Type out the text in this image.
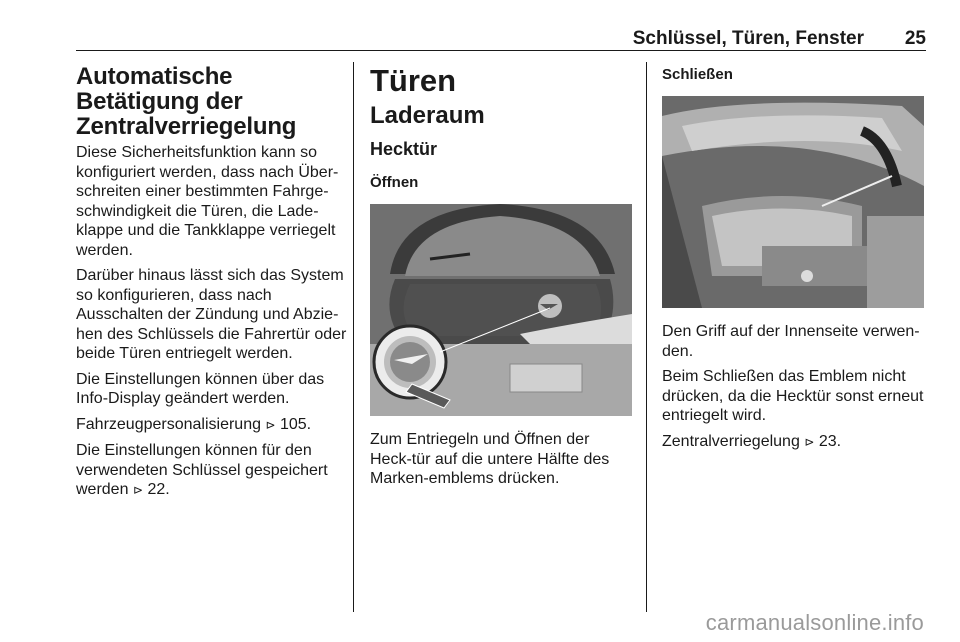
Schlüssel, Türen, Fenster 25
Automatische Betätigung der Zentralverriegelung

Diese Sicherheitsfunktion kann so konfiguriert werden, dass nach Über-schreiten einer bestimmten Fahrge-schwindigkeit die Türen, die Lade-klappe und die Tankklappe verriegelt werden.

Darüber hinaus lässt sich das System so konfigurieren, dass nach Ausschalten der Zündung und Abzie-hen des Schlüssels die Fahrertür oder beide Türen entriegelt werden.

Die Einstellungen können über das Info-Display geändert werden.

Fahrzeugpersonalisierung ⊳ 105.

Die Einstellungen können für den verwendeten Schlüssel gespeichert werden ⊳ 22.

Türen
Laderaum
Hecktür
Öffnen

Zum Entriegeln und Öffnen der Heck-tür auf die untere Hälfte des Marken-emblems drücken.

Schließen

Den Griff auf der Innenseite verwen-den.

Beim Schließen das Emblem nicht drücken, da die Hecktür sonst erneut entriegelt wird.

Zentralverriegelung ⊳ 23.

carmanualsonline.info
